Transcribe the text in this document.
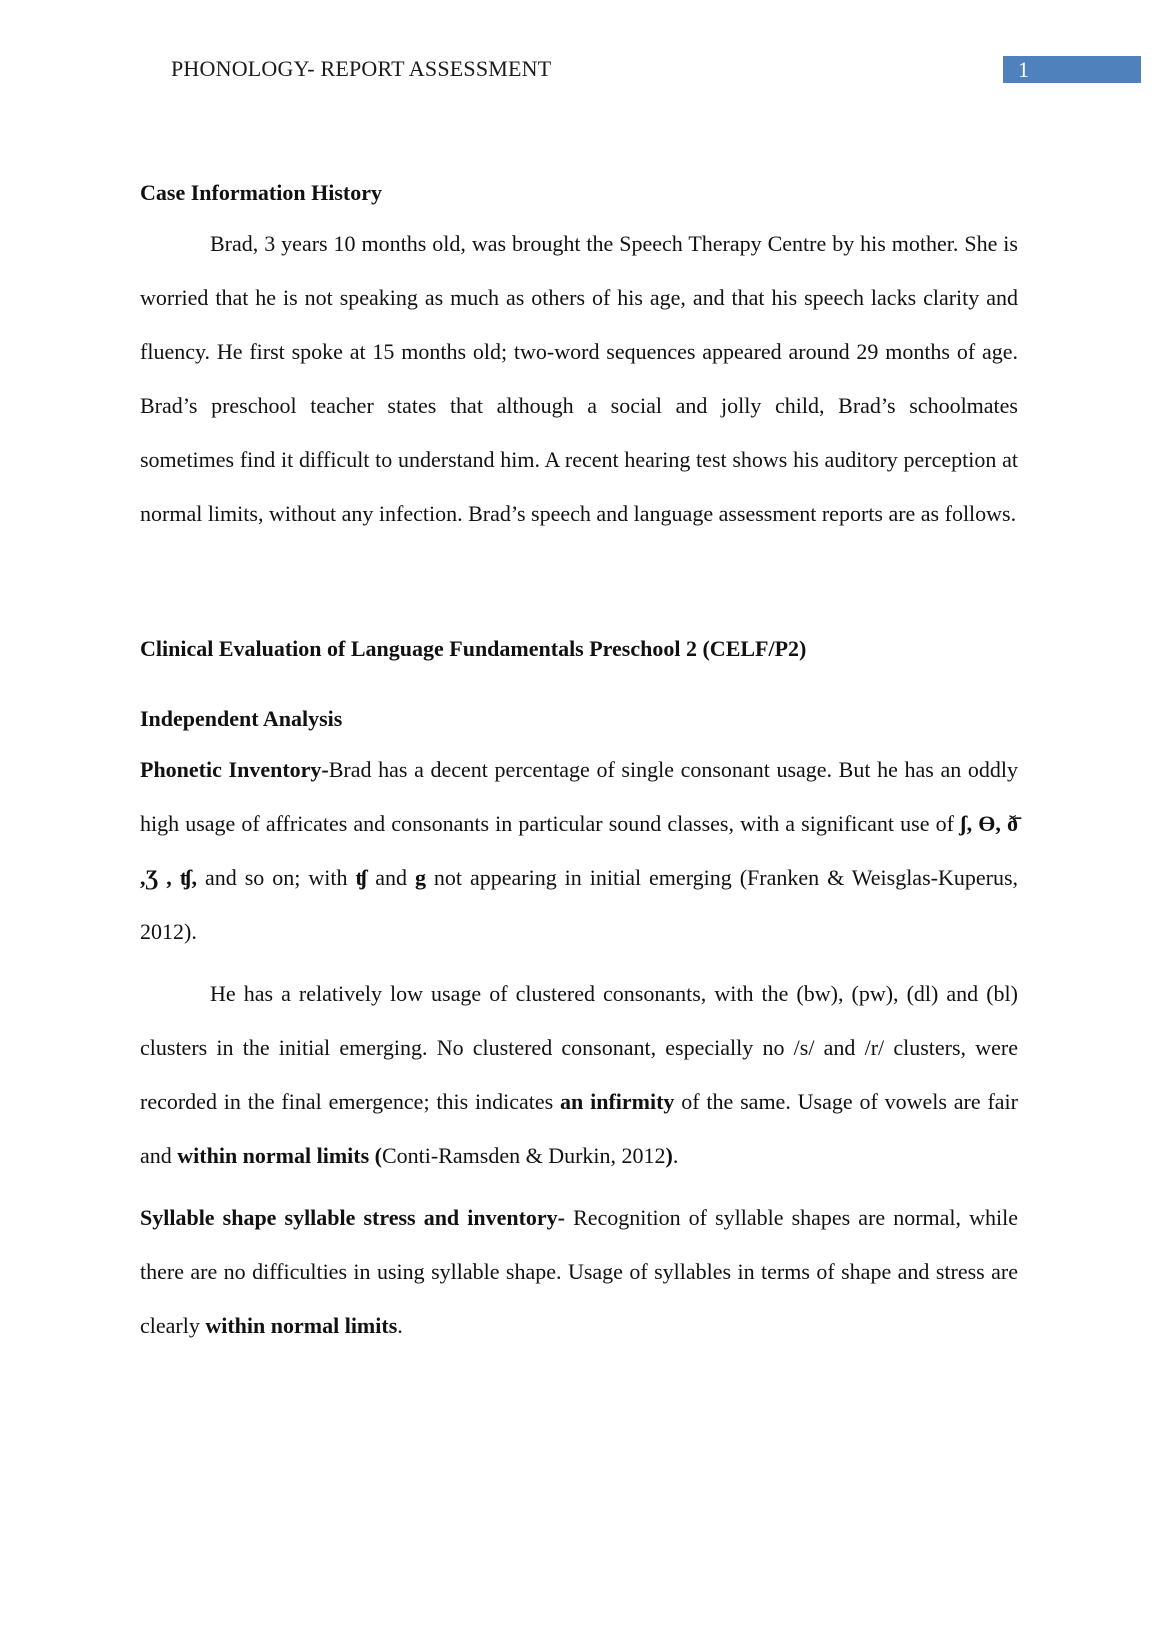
PHONOLOGY- REPORT ASSESSMENT	1
Case Information History

Brad, 3 years 10 months old, was brought the Speech Therapy Centre by his mother. She is worried that he is not speaking as much as others of his age, and that his speech lacks clarity and fluency. He first spoke at 15 months old; two-word sequences appeared around 29 months of age. Brad’s preschool teacher states that although a social and jolly child, Brad’s schoolmates sometimes find it difficult to understand him. A recent hearing test shows his auditory perception at normal limits, without any infection. Brad’s speech and language assessment reports are as follows.

Clinical Evaluation of Language Fundamentals Preschool 2 (CELF/P2)
Independent Analysis

Phonetic Inventory-Brad has a decent percentage of single consonant usage. But he has an oddly high usage of affricates and consonants in particular sound classes, with a significant use of ʃ, ϴ, ð̄ ,Ʒ , ʧ, and so on; with ʧ and g not appearing in initial emerging (Franken & Weisglas-Kuperus, 2012).

He has a relatively low usage of clustered consonants, with the (bw), (pw), (dl) and (bl) clusters in the initial emerging. No clustered consonant, especially no /s/ and /r/ clusters, were recorded in the final emergence; this indicates an infirmity of the same. Usage of vowels are fair and within normal limits (Conti-Ramsden & Durkin, 2012).

Syllable shape syllable stress and inventory- Recognition of syllable shapes are normal, while there are no difficulties in using syllable shape. Usage of syllables in terms of shape and stress are clearly within normal limits.
